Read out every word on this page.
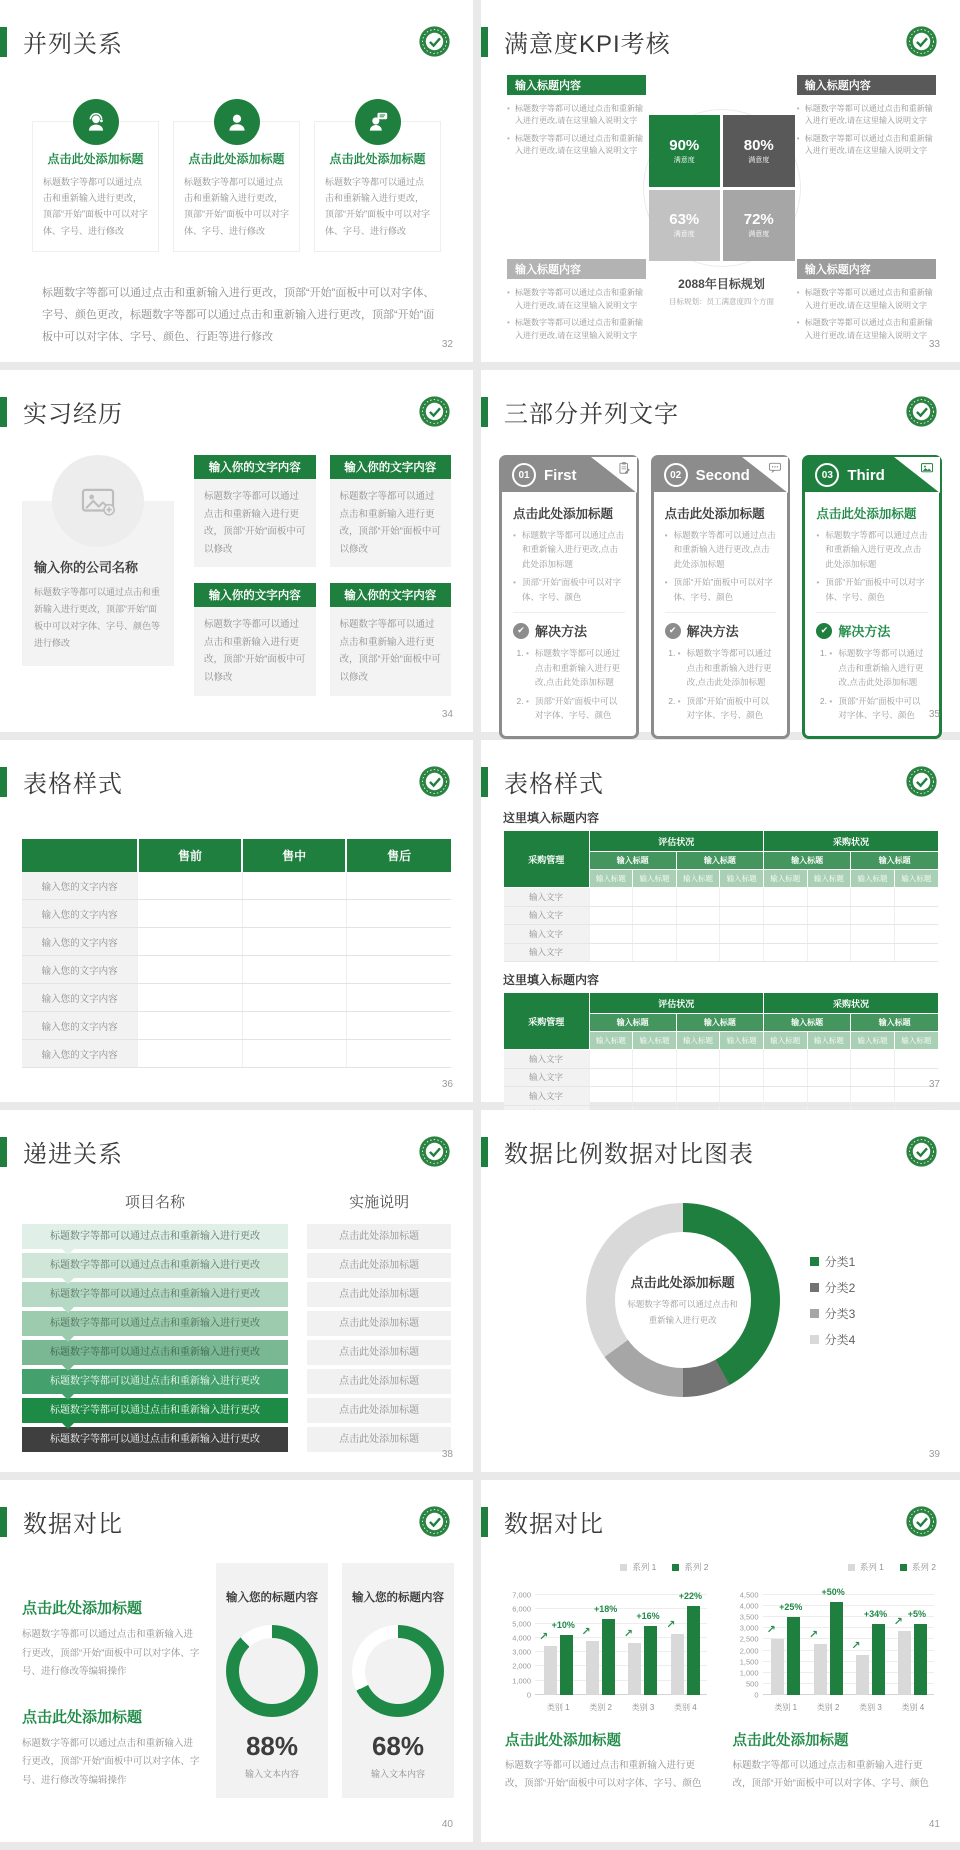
并列关系
点击此处添加标题
标题数字等都可以通过点击和重新输入进行更改，顶部“开始”面板中可以对字体、字号、进行修改
点击此处添加标题
标题数字等都可以通过点击和重新输入进行更改，顶部“开始”面板中可以对字体、字号、进行修改
点击此处添加标题
标题数字等都可以通过点击和重新输入进行更改，顶部“开始”面板中可以对字体、字号、进行修改
标题数字等都可以通过点击和重新输入进行更改，顶部“开始”面板中可以对字体、字号、颜色更改，标题数字等都可以通过点击和重新输入进行更改，顶部“开始”面板中可以对字体、字号、颜色、行距等进行修改
32
满意度KPI考核
输入标题内容
• 标题数字等都可以通过点击和重新输入进行更改,请在这里输入说明文字
• 标题数字等都可以通过点击和重新输入进行更改,请在这里输入说明文字
输入标题内容
• 标题数字等都可以通过点击和重新输入进行更改,请在这里输入说明文字
• 标题数字等都可以通过点击和重新输入进行更改,请在这里输入说明文字
90%
满意度
80%
满意度
63%
满意度
72%
满意度
2088年目标规划
目标规划：员工满意度四个方面
输入标题内容
• 标题数字等都可以通过点击和重新输入进行更改,请在这里输入说明文字
• 标题数字等都可以通过点击和重新输入进行更改,请在这里输入说明文字
输入标题内容
• 标题数字等都可以通过点击和重新输入进行更改,请在这里输入说明文字
• 标题数字等都可以通过点击和重新输入进行更改,请在这里输入说明文字
33
实习经历
输入你的公司名称
标题数字等都可以通过点击和重新输入进行更改，顶部“开始”面板中可以对字体、字号、颜色等进行修改
输入你的文字内容
标题数字等都可以通过点击和重新输入进行更改，顶部“开始”面板中可以修改
输入你的文字内容
标题数字等都可以通过点击和重新输入进行更改，顶部“开始”面板中可以修改
输入你的文字内容
标题数字等都可以通过点击和重新输入进行更改，顶部“开始”面板中可以修改
输入你的文字内容
标题数字等都可以通过点击和重新输入进行更改，顶部“开始”面板中可以修改
34
三部分并列文字
01 First
点击此处添加标题
• 标题数字等都可以通过点击和重新输入进行更改,点击此处添加标题
• 顶部“开始”面板中可以对字体、字号、颜色
✔ 解决方法
• 1. 标题数字等都可以通过点击和重新输入进行更改,点击此处添加标题
• 2. 顶部“开始”面板中可以对字体、字号、颜色
02 Second
点击此处添加标题
• 标题数字等都可以通过点击和重新输入进行更改,点击此处添加标题
• 顶部“开始”面板中可以对字体、字号、颜色
✔ 解决方法
• 1. 标题数字等都可以通过点击和重新输入进行更改,点击此处添加标题
• 2. 顶部“开始”面板中可以对字体、字号、颜色
03 Third
点击此处添加标题
• 标题数字等都可以通过点击和重新输入进行更改,点击此处添加标题
• 顶部“开始”面板中可以对字体、字号、颜色
✔ 解决方法
• 1. 标题数字等都可以通过点击和重新输入进行更改,点击此处添加标题
• 2. 顶部“开始”面板中可以对字体、字号、颜色	35
表格样式
	售前	售中	售后
输入您的文字内容			
输入您的文字内容			
输入您的文字内容			
输入您的文字内容			
输入您的文字内容			
输入您的文字内容			
输入您的文字内容			
36
表格样式
这里填入标题内容
采购管理	评估状况				采购状况			
	输入标题		输入标题		输入标题		输入标题	
	输入标题	输入标题	输入标题	输入标题	输入标题	输入标题	输入标题	输入标题
输入文字								
输入文字								
输入文字								
输入文字								
这里填入标题内容
采购管理	评估状况				采购状况			
	输入标题		输入标题		输入标题		输入标题	
	输入标题	输入标题	输入标题	输入标题	输入标题	输入标题	输入标题	输入标题
输入文字								
输入文字								
输入文字								

37
递进关系
项目名称	实施说明
标题数字等都可以通过点击和重新输入进行更改	点击此处添加标题
标题数字等都可以通过点击和重新输入进行更改	点击此处添加标题
标题数字等都可以通过点击和重新输入进行更改	点击此处添加标题
标题数字等都可以通过点击和重新输入进行更改	点击此处添加标题
标题数字等都可以通过点击和重新输入进行更改	点击此处添加标题
标题数字等都可以通过点击和重新输入进行更改	点击此处添加标题
标题数字等都可以通过点击和重新输入进行更改	点击此处添加标题
标题数字等都可以通过点击和重新输入进行更改	点击此处添加标题
38
数据比例数据对比图表
点击此处添加标题
标题数字等都可以通过点击和重新输入进行更改
分类1
分类2
分类3
分类4
39
数据对比
点击此处添加标题
标题数字等都可以通过点击和重新输入进行更改，顶部“开始”面板中可以对字体、字号、进行修改等编辑操作
点击此处添加标题
标题数字等都可以通过点击和重新输入进行更改，顶部“开始”面板中可以对字体、字号、进行修改等编辑操作
输入您的标题内容
88%
输入文本内容
输入您的标题内容
68%
输入文本内容
40
数据对比
系列 1	系列 2
0
1,000
2,000
3,000
4,000
5,000
6,000
7,000
↗
+10%
↗
+18%
↗
+16%
↗
+22%
类别 1	类别 2	类别 3	类别 4
点击此处添加标题
标题数字等都可以通过点击和重新输入进行更改，顶部“开始”面板中可以对字体、字号、颜色
系列 1	系列 2
0
500
1,000
1,500
2,000
2,500
3,000
3,500
4,000
4,500
↗
+25%
↗
+50%
↗
+34%
↗
+5%
类别 1	类别 2	类别 3	类别 4
点击此处添加标题
标题数字等都可以通过点击和重新输入进行更改，顶部“开始”面板中可以对字体、字号、颜色
41
